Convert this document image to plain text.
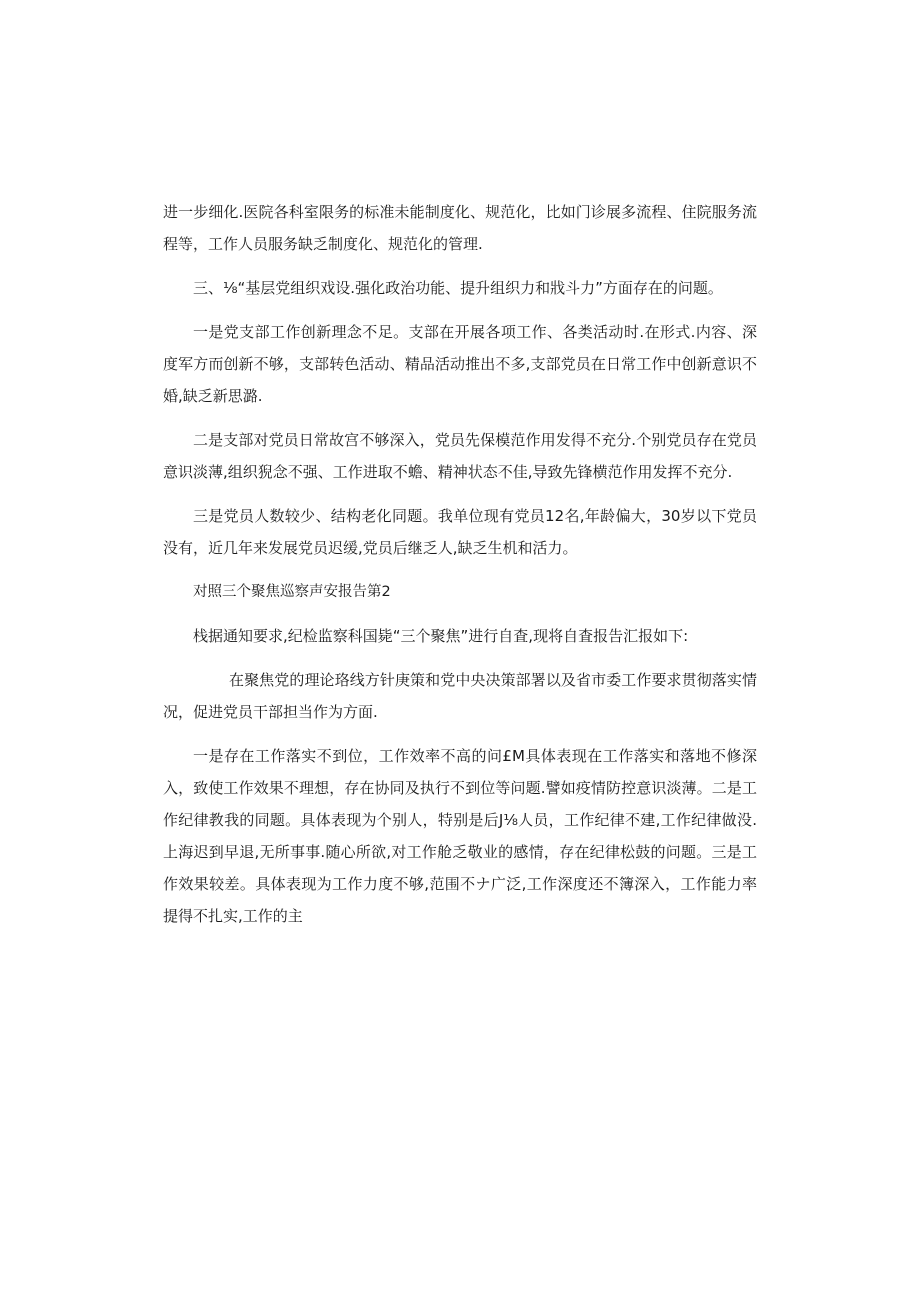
进一步细化.医院各科室限务的标准未能制度化、规范化，比如门诊展多流程、住院服务流程等，工作人员服务缺乏制度化、规范化的管理.

三、⅛“基层党组织戏设.强化政治功能、提升组织力和戕斗力”方面存在的问题。

一是党支部工作创新理念不足。支部在开展各项工作、各类活动时.在形式.内容、深度军方而创新不够，支部转色活动、精品活动推出不多,支部党员在日常工作中创新意识不婚,缺乏新思潞.

二是支部对党员日常故宫不够深入，党员先保模范作用发得不充分.个别党员存在党员意识淡薄,组织猊念不强、工作进取不蟾、精神状态不佳,导致先锋横范作用发挥不充分.

三是党员人数较少、结构老化同题。我单位现有党员12名,年龄偏大，30岁以下党员没有，近几年来发展党员迟缓,党员后继乏人,缺乏生机和活力。

对照三个聚焦巡察声安报告第2

栈据通知要求,纪检监察科国毙“三个聚焦”进行自査,现将自査报告汇报如下:

在聚焦党的理论珞线方针庚策和党中央决策部署以及省市委工作要求贯彻落实情况，促进党员干部担当作为方面.

一是存在工作落实不到位，工作效率不高的问£M具体表现在工作落实和落地不修深入，致使工作效果不理想，存在协同及执行不到位等问题.譬如疫情防控意识淡薄。二是工作纪律教我的同题。具体表现为个别人，特别是后J⅛人员，工作纪律不建,工作纪律做没.上海迟到早退,无所事事.随心所欲,对工作舱乏敬业的感情，存在纪律松鼓的问题。三是工作效果较差。具体表现为工作力度不够,范围不ナ广泛,工作深度还不簿深入，工作能力率提得不扎实,工作的主
